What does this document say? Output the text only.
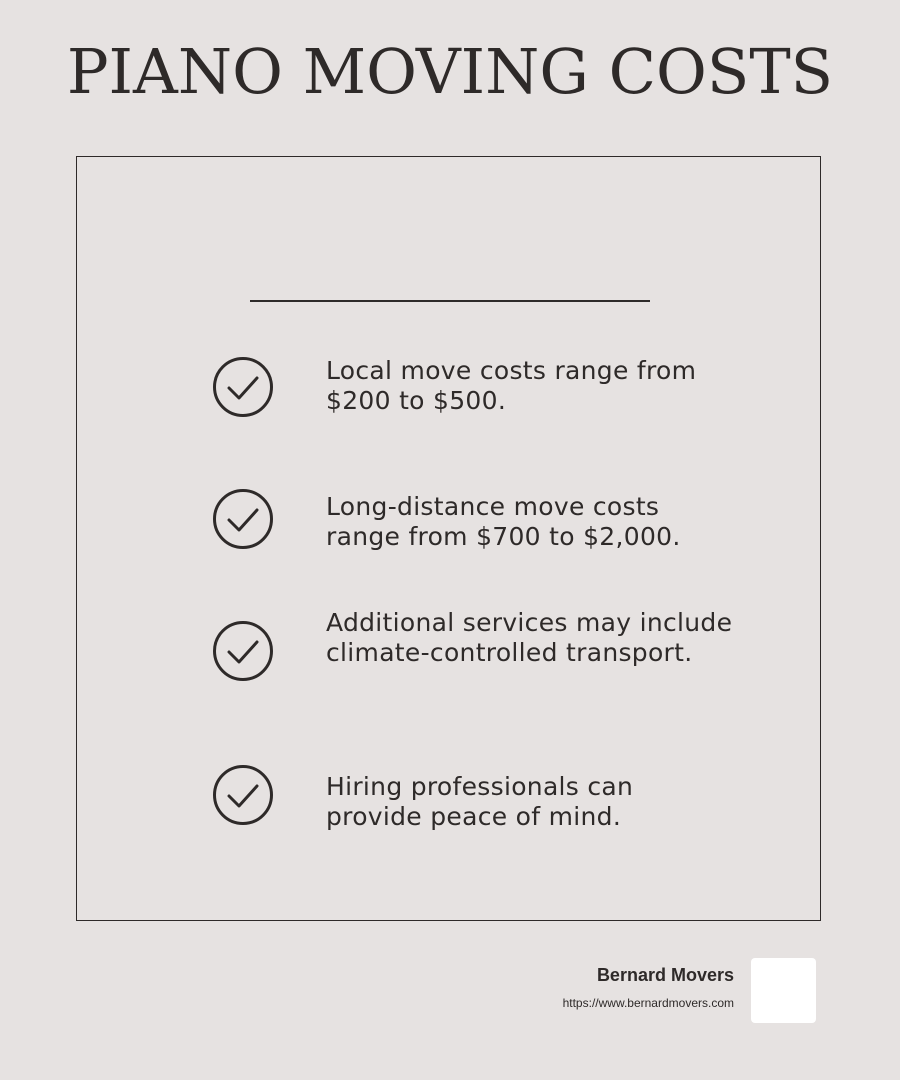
PIANO MOVING COSTS
Local move costs range from $200 to $500.
Long-distance move costs range from $700 to $2,000.
Additional services may include climate-controlled transport.
Hiring professionals can provide peace of mind.
Bernard Movers
https://www.bernardmovers.com
